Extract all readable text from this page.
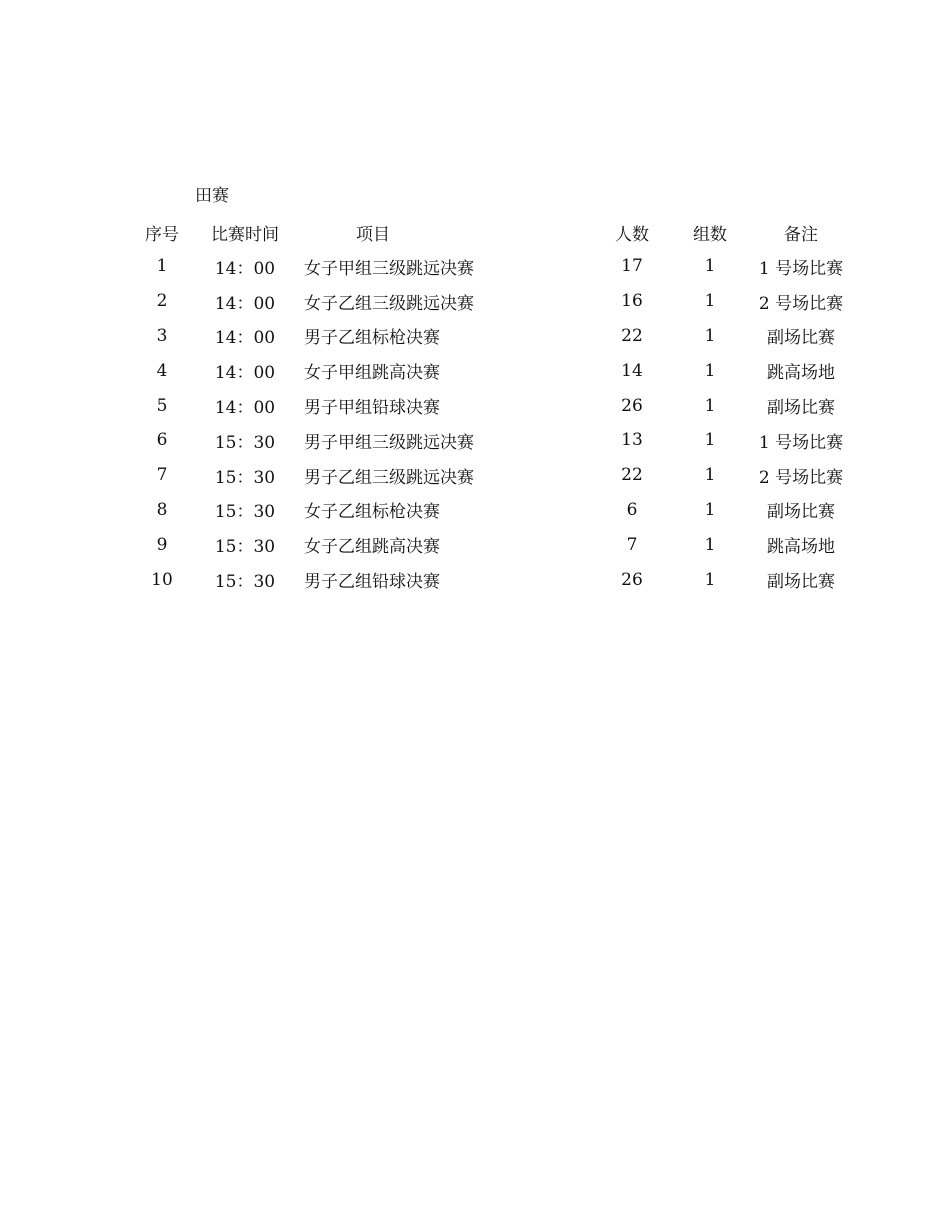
田赛
序号	比赛时间	项目	人数	组数	备注
1	14：00	女子甲组三级跳远决赛	17	1	1 号场比赛
2	14：00	女子乙组三级跳远决赛	16	1	2 号场比赛
3	14：00	男子乙组标枪决赛	22	1	副场比赛
4	14：00	女子甲组跳高决赛	14	1	跳高场地
5	14：00	男子甲组铅球决赛	26	1	副场比赛
6	15：30	男子甲组三级跳远决赛	13	1	1 号场比赛
7	15：30	男子乙组三级跳远决赛	22	1	2 号场比赛
8	15：30	女子乙组标枪决赛	6	1	副场比赛
9	15：30	女子乙组跳高决赛	7	1	跳高场地
10	15：30	男子乙组铅球决赛	26	1	副场比赛
